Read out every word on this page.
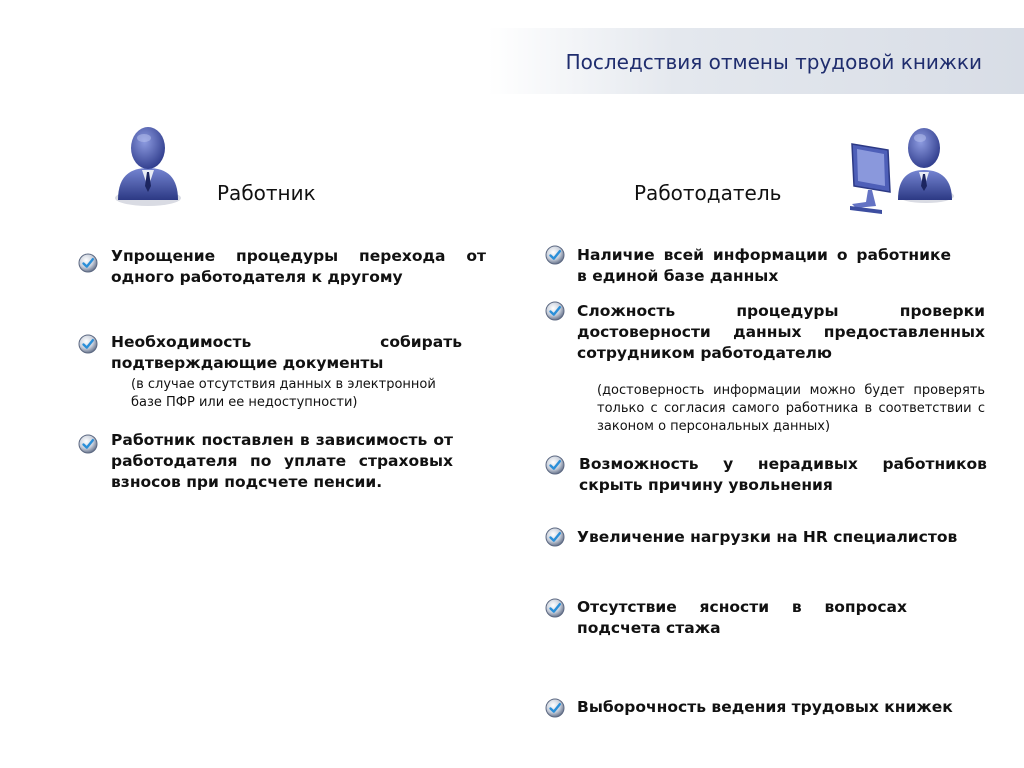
Последствия отмены трудовой книжки
Работник	Работодатель
Упрощение процедуры перехода от одного работодателя к другому
Необходимость собирать подтверждающие документы
(в случае отсутствия данных в электронной базе ПФР или ее недоступности)
Работник поставлен в зависимость от работодателя по уплате страховых взносов при подсчете пенсии.
Наличие всей информации о работнике в единой базе данных
Сложность процедуры проверки достоверности данных предоставленных сотрудником работодателю
(достоверность информации можно будет проверять только с согласия самого работника в соответствии с законом о персональных данных)
Возможность у нерадивых работников скрыть причину увольнения
Увеличение нагрузки на HR специалистов
Отсутствие ясности в вопросах подсчета стажа
Выборочность ведения трудовых книжек
